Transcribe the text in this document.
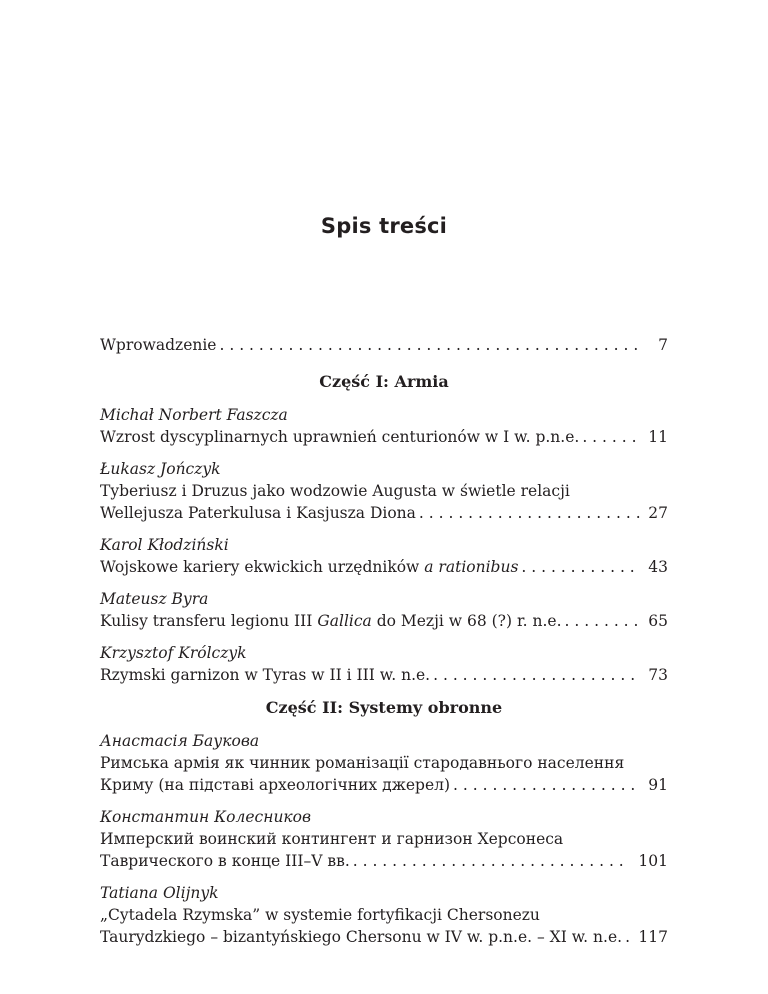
Spis treści
Wprowadzenie . . .	7
Część I: Armia
Michał Norbert Faszcza
Wzrost dyscyplinarnych uprawnień centurionów w I w. p.n.e. . . .	11
Łukasz Jończyk
Tyberiusz i Druzus jako wodzowie Augusta w świetle relacji
Wellejusza Paterkulusa i Kasjusza Diona . . .	27
Karol Kłodziński
Wojskowe kariery ekwickich urzędników a rationibus . . .	43
Mateusz Byra
Kulisy transferu legionu III Gallica do Mezji w 68 (?) r. n.e. . . .	65
Krzysztof Królczyk
Rzymski garnizon w Tyras w II i III w. n.e. . . .	73
Część II: Systemy obronne
Анастасія Баукова
Римська армія як чинник романізації стародавнього населення
Криму (на підставі археологічних джерел) . . .	91
Константин Колесников
Имперский воинский контингент и гарнизон Херсонеса
Таврического в конце III–V вв. . . .	101
Tatiana Olijnyk
„Cytadela Rzymska” w systemie fortyfikacji Chersonezu
Taurydzkiego – bizantyńskiego Chersonu w IV w. p.n.e. – XI w. n.e. . . .	117
